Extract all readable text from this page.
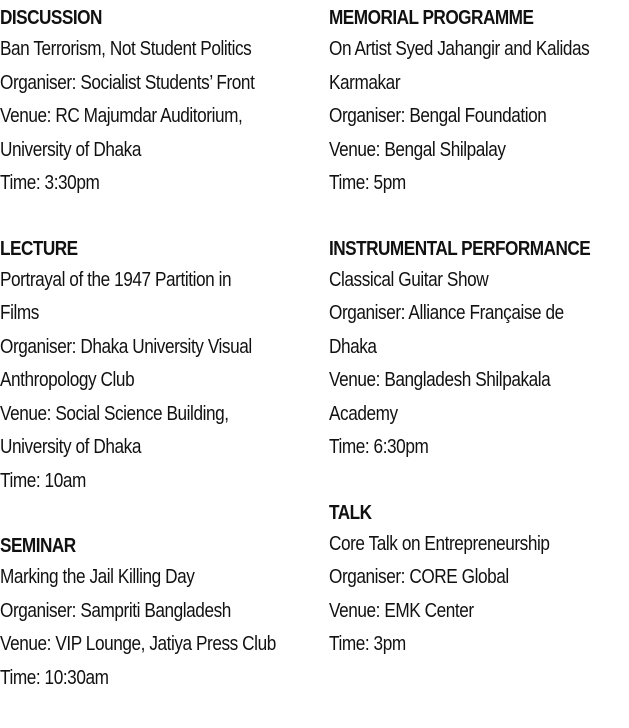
DISCUSSION
Ban Terrorism, Not Student Politics
Organiser: Socialist Students’ Front
Venue: RC Majumdar Auditorium,
University of Dhaka
Time: 3:30pm
LECTURE
Portrayal of the 1947 Partition in
Films
Organiser: Dhaka University Visual
Anthropology Club
Venue: Social Science Building,
University of Dhaka
Time: 10am
SEMINAR
Marking the Jail Killing Day
Organiser: Sampriti Bangladesh
Venue: VIP Lounge, Jatiya Press Club
Time: 10:30am
MEMORIAL PROGRAMME
On Artist Syed Jahangir and Kalidas
Karmakar
Organiser: Bengal Foundation
Venue: Bengal Shilpalay
Time: 5pm
INSTRUMENTAL PERFORMANCE
Classical Guitar Show
Organiser: Alliance Française de
Dhaka
Venue: Bangladesh Shilpakala
Academy
Time: 6:30pm
TALK
Core Talk on Entrepreneurship
Organiser: CORE Global
Venue: EMK Center
Time: 3pm
